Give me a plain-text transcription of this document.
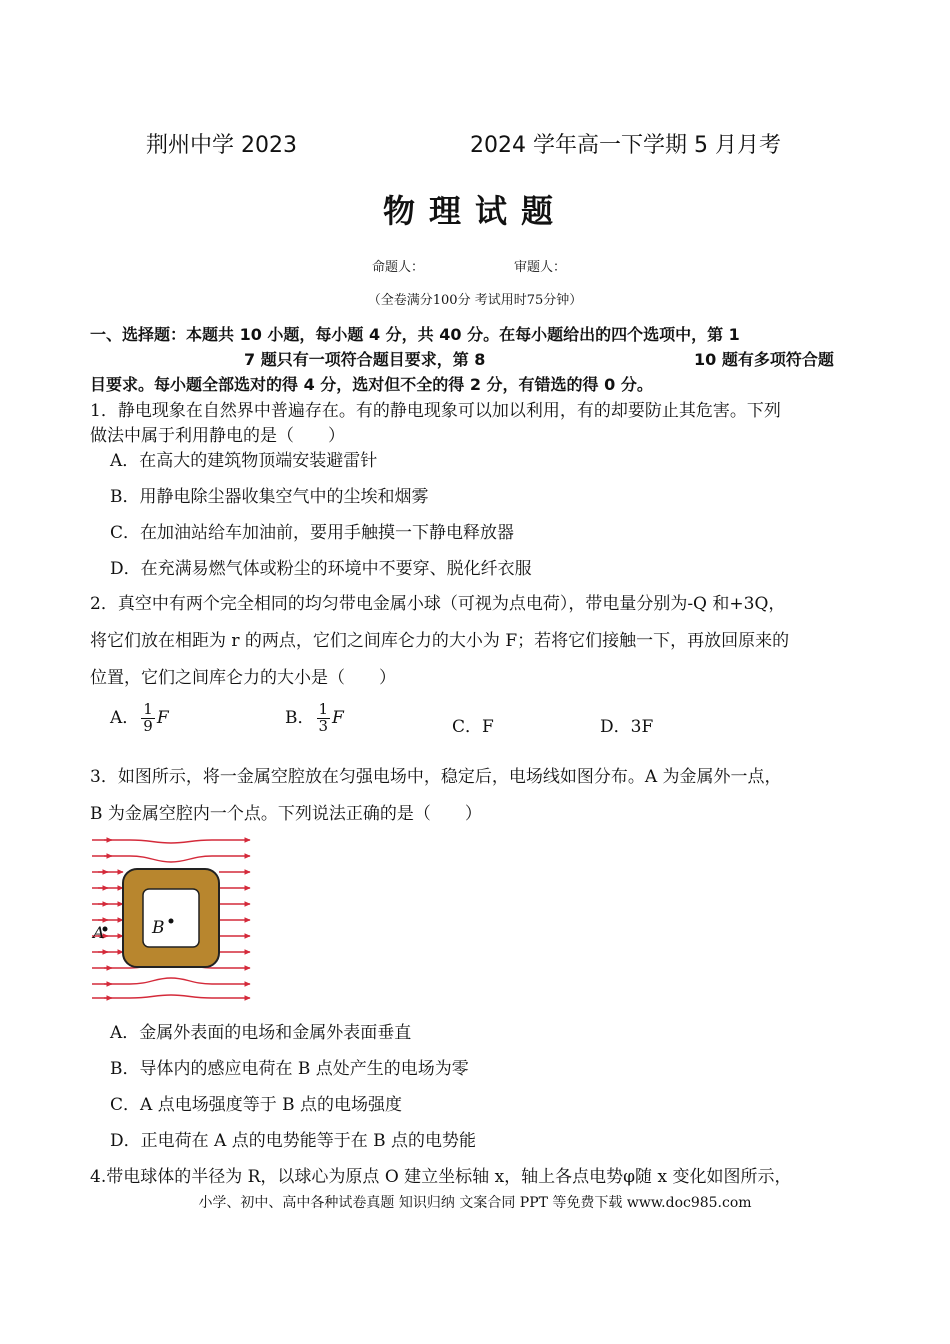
荆州中学 2023	2024 学年高一下学期 5 月月考
物理试题
命题人：	审题人：
（全卷满分100分 考试用时75分钟）
一、选择题：本题共 10 小题，每小题 4 分，共 40 分。在每小题给出的四个选项中，第 1
7 题只有一项符合题目要求，第 8	10 题有多项符合题
目要求。每小题全部选对的得 4 分，选对但不全的得 2 分，有错选的得 0 分。
1．静电现象在自然界中普遍存在。有的静电现象可以加以利用，有的却要防止其危害。下列
做法中属于利用静电的是（　　）
A．在高大的建筑物顶端安装避雷针
B．用静电除尘器收集空气中的尘埃和烟雾
C．在加油站给车加油前，要用手触摸一下静电释放器
D．在充满易燃气体或粉尘的环境中不要穿、脱化纤衣服
2．真空中有两个完全相同的均匀带电金属小球（可视为点电荷），带电量分别为-Q 和+3Q，
将它们放在相距为 r 的两点，它们之间库仑力的大小为 F；若将它们接触一下，再放回原来的
位置，它们之间库仑力的大小是（　　）
A． $\frac{1}{9}$ F	B． $\frac{1}{3}$ F	C．F	D．3F
3．如图所示，将一金属空腔放在匀强电场中，稳定后，电场线如图分布。A 为金属外一点，
B 为金属空腔内一个点。下列说法正确的是（　　）
A	B
A．金属外表面的电场和金属外表面垂直
B．导体内的感应电荷在 B 点处产生的电场为零
C．A 点电场强度等于 B 点的电场强度
D．正电荷在 A 点的电势能等于在 B 点的电势能
4.带电球体的半径为 R，以球心为原点 O 建立坐标轴 x，轴上各点电势φ随 x 变化如图所示，
小学、初中、高中各种试卷真题 知识归纳 文案合同 PPT 等免费下载 www.doc985.com
